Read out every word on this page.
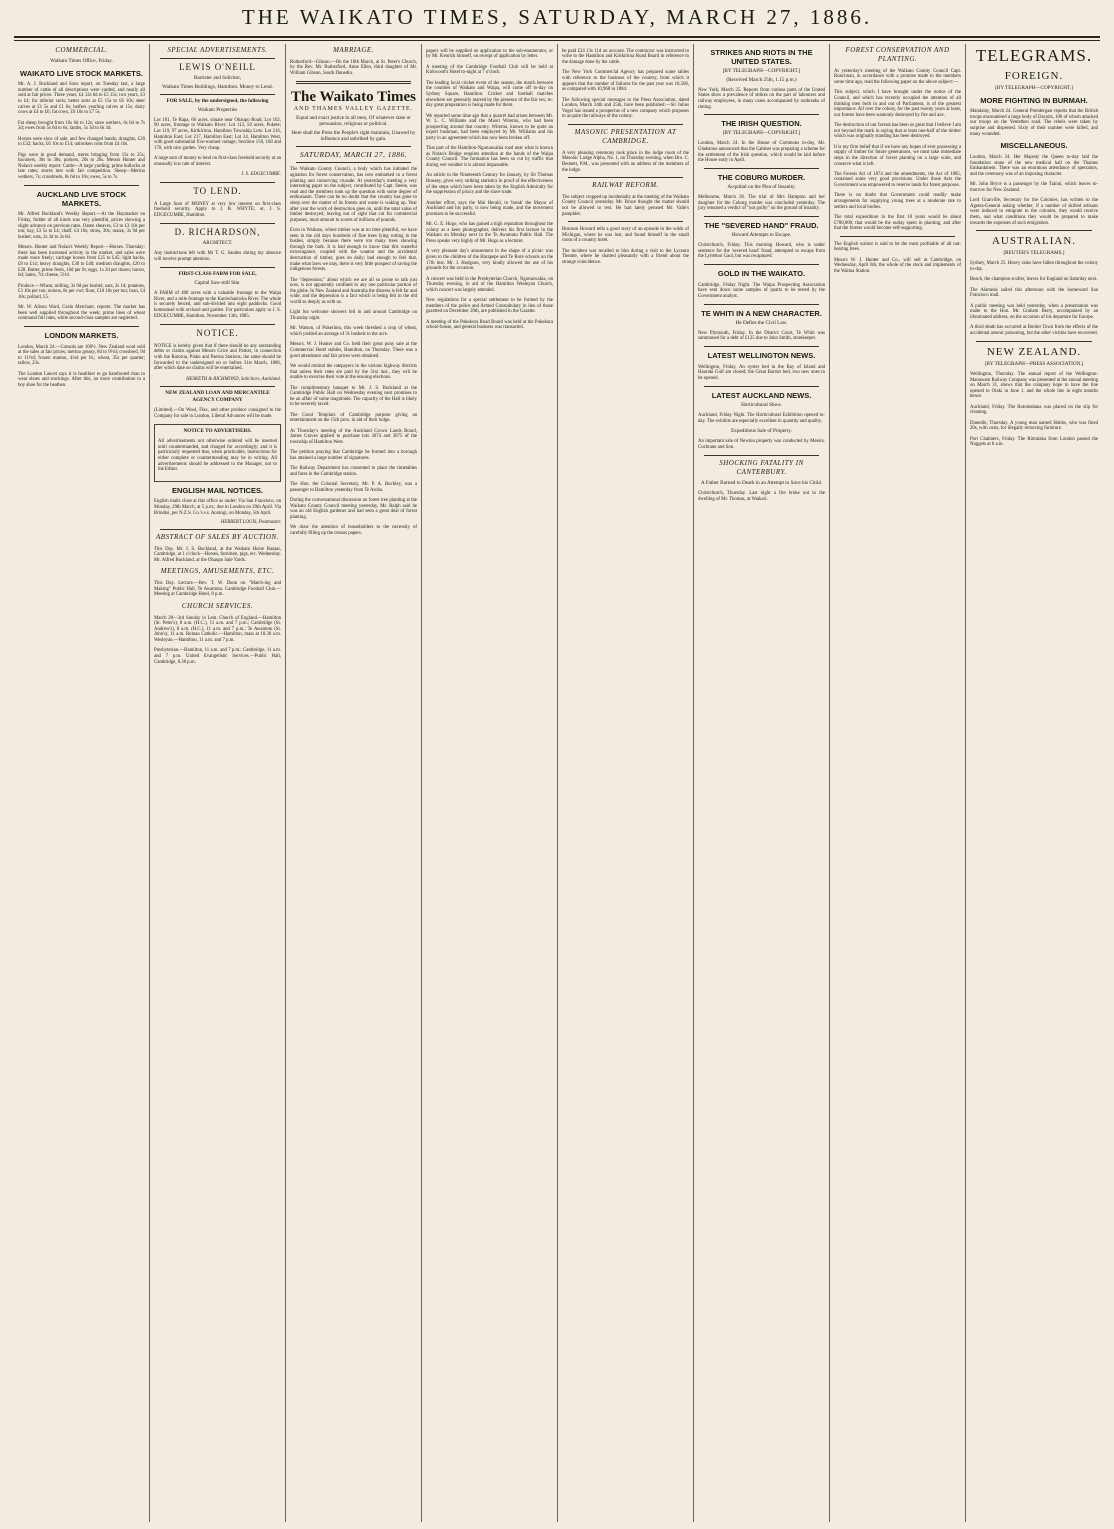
THE WAIKATO TIMES, SATURDAY, MARCH 27, 1886.
COMMERCIAL.
Waikato Times Office, Friday.
WAIKATO LIVE STOCK MARKETS.

Mr. A. J. Buckland and Sons report, on Tuesday last, a large number of cattle of all descriptions were yarded, and nearly all sold at fair prices. Three years, £4 12s 6d to £5 15s; two years, £3 to £4; for inferior sorts; better sorts at £5 15s to £6 10s; steer calves at £1 5s and £1 6s; heifers yearling calves at 15s; dairy cows at £4 to £6; fat cows, £6 10s to £7 5s.

Fat sheep brought from 10s 6d to 12s; store wethers, 6s 6d to 7s 3d; ewes from 5s 6d to 6s; lambs, 5s 3d to 6s 3d.

Horses were slow of sale, and few changed hands; draughts, £20 to £32; hacks, £6 10s to £14; unbroken colts from £4 10s.

Pigs were in good demand, stores bringing from 15s to 25s; baconers, 30s to 38s; porkers, 20s to 26s. Messrs Hunter and Nolan's weekly report: Cattle—A large yarding; prime bullocks at late rates; stores met with fair competition. Sheep—Merino wethers, 7s; crossbreds, 8s 6d to 10s; ewes, 5s to 7s.

AUCKLAND LIVE STOCK MARKETS.

Mr. Alfred Buckland's Weekly Report.—At the Haymarket on Friday, fodder of all kinds was very plentiful, prices showing a slight advance on previous rates. Oaten sheaves, £3 to £3 10s per ton; hay, £3 5s to £4; chaff, £4 10s; straw, 30s; maize, 3s 9d per bushel; oats, 2s 3d to 2s 6d.

Messrs. Hunter and Nolan's Weekly Report.—Horses. Thursday: there has been increased activity in the market, and sales were made more freely; carriage horses from £25 to £45; light hacks, £8 to £14; heavy draughts, £30 to £40; medium draughts, £20 to £28. Butter, prime fresh, 10d per lb; eggs, 1s 2d per dozen; bacon, 6d; hams, 7d; cheese, 5½d.

Produce.—Wheat, milling, 3s 9d per bushel; oats, 2s 1d; potatoes, £3 10s per ton; onions, 8s per cwt; flour, £10 10s per ton; bran, £4 10s; pollard, £5.

Mr. W. Alison Ward, Grain Merchant, reports: The market has been well supplied throughout the week; prime lines of wheat command full rates, while second-class samples are neglected.

LONDON MARKETS.

London, March 24.—Consols are 100½. New Zealand wool sold at the sales at fair prices; merino greasy, 8d to 9½d; crossbred, 9d to 11½d; frozen mutton, 4¼d per lb.; wheat, 35s per quarter; tallow, 23s.

The London Lancet says it is healthier to go barefooted than to wear shoes and stockings. After this, no more contribution to a boy shoe for the heathen.

SPECIAL ADVERTISEMENTS.
LEWIS O'NEILL
Barrister and Solicitor,
Waikato Times Buildings, Hamilton. Money to Lend.
FOR SALE, by the undersigned, the following
Waikato Properties

Lot 101, Te Rapa, 60 acres, situate near Ohaupo Road; Lot 102, 90 acres, frontage to Waikato River; Lot 113, 50 acres, Pukete; Lot 119, 97 acres, Kirikiriroa. Hamilton Township Lots: Lot 216, Hamilton East; Lot 217, Hamilton East; Lot 34, Hamilton West, with good substantial five-roomed cottage; Sections 150, 168 and 170, with nice garden. Very cheap.

A large sum of money to lend on first-class freehold security at an unusually low rate of interest.

J. S. EDGECUMBE.
TO LEND.

A Large Sum of MONEY at very low interest on first-class freehold security. Apply to J. B. WHYTE; or, J. S. EDGECUMBE, Hamilton.

D. RICHARDSON,
ARCHITECT.

Any instructions left with Mr T. G. Sandes during my absence will receive prompt attention.

FIRST-CLASS FARM FOR SALE,
Capital Saw-mill Site.

A FARM of 400 acres with a valuable frontage to the Waipa River, and a mile frontage to the Kaniwhaniwha River. The whole is securely fenced, and sub-divided into eight paddocks. Good homestead with orchard and garden. For particulars apply to J. S. EDGECUMBE, Hamilton, November 13th, 1885.

NOTICE.

NOTICE is hereby given that if there should be any outstanding debts or claims against Messrs Grice and Parker, in connection with the Rotorua, Piako and Paeroa Stations, the same should be forwarded to the undersigned on or before 31st March, 1886, after which date no claims will be entertained.

HESKETH & RICHMOND, Solicitors, Auckland.
NEW ZEALAND LOAN AND MERCANTILE AGENCY COMPANY

(Limited).—On Wool, Flax, and other produce consigned to the Company for sale in London, Liberal Advances will be made.

NOTICE TO ADVERTISERS.

All advertisements not otherwise ordered will be inserted until countermanded, and charged for accordingly; and it is particularly requested that, when practicable, instructions for either complete or countermanding may be in writing. All advertisements should be addressed to the Manager, not to the Editor.

ENGLISH MAIL NOTICES.

English mails close at this office as under: Via San Francisco, on Monday, 29th March, at 5 p.m.; due in London on 29th April. Via Brindisi, per N.Z.S. Co.'s s.s. Aorangi, on Monday, 5th April.

HERBERT LOUIS, Postmaster.
ABSTRACT OF SALES BY AUCTION.

This Day. Mr. J. S. Buckland, at the Waikato Horse Bazaar, Cambridge, at 1 o'clock—Horses, furniture, pigs, etc. Wednesday. Mr. Alfred Buckland, at the Ohaupo Sale Yards.

MEETINGS, AMUSEMENTS, ETC.

This Day. Lecture.—Rev. T. W. Dunn on "Match-ing and Making" Public Hall, Te Awamutu. Cambridge Football Club.—Meeting at Cambridge Hotel, 8 p.m.

CHURCH SERVICES.

March 28—3rd Sunday in Lent. Church of England.—Hamilton (St. Peter's), 8 a.m. (H.C.), 11 a.m. and 7 p.m.; Cambridge (St. Andrew's), 8 a.m. (H.C.), 11 a.m. and 7 p.m.; Te Awamutu (St. John's), 11 a.m. Roman Catholic.—Hamilton, mass at 10.30 a.m. Wesleyan.—Hamilton, 11 a.m. and 7 p.m.

Presbyterian.—Hamilton, 11 a.m. and 7 p.m.; Cambridge, 11 a.m. and 7 p.m. United Evangelistic Services.—Public Hall, Cambridge, 8.30 p.m.

MARRIAGE.

Rutherford—Gibson.—On the 10th March, at St. Peter's Church, by the Rev. Mr. Rutherford, Anne Ellen, third daughter of Mr. William Gibson, South Dunedin.

The Waikato Times
AND THAMES VALLEY GAZETTE.
Equal and exact justice to all men, Of whatever state or persuasion, religious or political.
Here shall the Press the People's right maintain, Unawed by influence and unbribed by gain.
SATURDAY, MARCH 27, 1886.

The Waikato County Council, a body which has initiated the agitation for forest conservation, has now embarked in a forest planting and conserving crusade. At yesterday's meeting a very interesting paper on the subject, contributed by Capt. Steele, was read and the members took up the question with some degree of enthusiasm. There can be no doubt that the country has gone to sleep over the matter of its forests and waste is waking up. Year after year the work of destruction goes on, until the total value of timber destroyed, leaving out of sight that cut for commercial purposes, must amount to scores of millions of pounds.

Even in Waikato, where timber was at no time plentiful, we have seen in the old days hundreds of fine trees lying rotting in the bushes, simply because there were too many trees showing through the bark. It is bad enough to know that this wasteful extravagance, coupled with the wanton and the accidental destruction of timber, goes on daily; bad enough to feel that, make what laws we may, there is very little prospect of saving the indigenous forests.

The "depression," about which we are all so prone to talk just now, is not apparently confined to any one particular portion of the globe. In New Zealand and Australia the distress is felt far and wide; and the depression is a fact which is being felt in the old world as deeply as with us.

Light but welcome showers fell in and around Cambridge on Thursday night.

Mr. Watson, of Pukerimu, this week threshed a crop of wheat, which yielded an average of 31 bushels to the acre.

Messrs. W. J. Hunter and Co. held their great pony sale at the Commercial Hotel stables, Hamilton, on Thursday. There was a good attendance and fair prices were obtained.

We would remind the ratepayers in the various highway districts that unless their rates are paid by the 31st inst., they will be unable to exercise their vote at the ensuing elections.

The complimentary banquet to Mr. J. S. Buckland at the Cambridge Public Hall on Wednesday evening next promises to be an affair of some magnitude. The capacity of the Hall is likely to be severely taxed.

The Good Templars of Cambridge purpose giving an entertainment on the 15th prox. in aid of their lodge.

At Thursday's meeting of the Auckland Crown Lands Board, James Graves applied to purchase lots 3074 and 3075 of the township of Hamilton West.

The petition praying that Cambridge be formed into a borough has attained a large number of signatures.

The Railway Department has consented to place the timetables and fares in the Cambridge station.

The Hon. the Colonial Secretary, Mr. P. A. Buckley, was a passenger to Hamilton yesterday from Te Aroha.

During the conversational discussion on forest tree planting at the Waikato County Council meeting yesterday, Mr. Ralph said he was an old English gardener and had seen a great deal of forest planting.

We draw the attention of householders to the necessity of carefully filling up the census papers.

papers will be supplied on application to the sub-enumerator, or by Mr. Kenrick himself, on receipt of application by letter.

A meeting of the Cambridge Football Club will be held at Kirkwood's Hotel to-night at 7 o'clock.

The leading local cricket event of the season, the match between the counties of Waikato and Waipa, will come off to-day on Sydney Square, Hamilton. Cricket and football matches elsewhere are generally marred by the presence of the fair sex; to-day great preparation is being made for them.

We reported some time ago that a quarrel had arisen between Mr. W. L. C. Williams and the Maori Wiremu, who had been prospecting around that country. Wiremu, known to be quite an expert bushman, had been employed by Mr. Williams and his party in an agreement which has now been broken off.

That part of the Hamilton-Ngaruawahia road near what is known as Nolan's Bridge requires attention at the hands of the Waipa County Council. The formation has been so cut by traffic that during wet weather it is almost impassable.

An article in the Nineteenth Century for January, by Sir Thomas Brassey, gives very striking statistics in proof of the effectiveness of the steps which have been taken by the English Admiralty for the suppression of piracy and the slave trade.

Another effort, says the Mai Herald, to 'break' the Mayor of Auckland and his party, is now being made, and the movement promises to be successful.

Mr. G. E. Hugo, who has gained a high reputation throughout the colony as a keen photographer, delivers his first lecture in the Waikato on Monday next in the Te Awamutu Public Hall. The Press speaks very highly of Mr. Hugo as a lecturer.

A very pleasant day's amusement in the shape of a picnic was given to the children of the Harapepe and Te Rore schools on the 17th inst. Mr. J. Hodgson, very kindly allowed the use of his grounds for the occasion.

A concert was held in the Presbyterian Church, Ngaruawahia, on Thursday evening, in aid of the Hamilton Wesleyan Church, which concert was largely attended.

New regulations for a special settlement to be formed by the members of the police and Armed Constabulary in lieu of those gazetted on December 20th, are published in the Gazette.

A meeting of the Pukekura Road Board was held at the Pukekura school-house, and general business was transacted.

be paid £24 13s 11d on account. The contractor was instructed to write to the Hamilton and Kirikiriroa Road Board in reference to the damage done by the cattle.

The New York Commercial Agency has prepared some tables with reference to the business of the country, from which it appears that the number of failures for the past year was 10,568, as compared with 10,968 in 1884.

The following special messages to the Press Association, dated London, March 24th and 25th, have been published:—Sir Julius Vogel has issued a prospectus of a new company which proposes to acquire the railways of the colony.

MASONIC PRESENTATION AT CAMBRIDGE.

A very pleasing ceremony took place in the lodge room of the Masonic Lodge Alpha, No. 1, on Thursday evening, when Bro. C. Bennett, P.M., was presented with an address of the members of the lodge.

RAILWAY REFORM.

The subject cropped up incidentally at the meeting of the Waikato County Council yesterday. Mr. Bruce thought the matter should not be allowed to rest. He had lately perused Mr. Vaile's pamphlet.

Bronson Howard tells a good story of an episode in the wilds of Michigan, where he was lost, and found himself in the small room of a country hotel.

The incident was recalled to him during a visit to the Lyceum Theatre, where he chatted pleasantly with a friend about the strange coincidence.

STRIKES AND RIOTS IN THE UNITED STATES.
[BY TELEGRAPH—COPYRIGHT.]
(Received March 25th, 1.15 p.m.)

New York, March 25. Reports from various parts of the United States show a prevalence of strikes on the part of labourers and railway employees, in many cases accompanied by outbreaks of rioting.

THE IRISH QUESTION.
[BY TELEGRAPH—COPYRIGHT.]

London, March 24. In the House of Commons to-day, Mr. Gladstone announced that the Cabinet was preparing a scheme for the settlement of the Irish question, which would be laid before the House early in April.

THE COBURG MURDER.
Acquittal on the Plea of Insanity.

Melbourne, March 26. The trial of Mrs Hampton and her daughter for the Coburg murder was concluded yesterday. The jury returned a verdict of "not guilty" on the ground of insanity.

THE "SEVERED HAND" FRAUD.
Howard Attempts to Escape.

Christchurch, Friday. This morning Howard, who is under sentence for the 'severed hand' fraud, attempted to escape from the Lyttelton Gaol, but was recaptured.

GOLD IN THE WAIKATO.

Cambridge, Friday Night. The Waipa Prospecting Association have sent down some samples of quartz to be tested by the Government analyst.

TE WHITI IN A NEW CHARACTER.
He Defies the Civil Law.

New Plymouth, Friday. In the District Court, Te Whiti was summoned for a debt of £125 due to John Smith, storekeeper.

LATEST WELLINGTON NEWS.

Wellington, Friday. An oyster bed in the Bay of Island and Hauraki Gulf are closed; the Great Barrier bed, two new ones to be opened.

LATEST AUCKLAND NEWS.
Horticultural Show.

Auckland, Friday Night. The Horticultural Exhibition opened to-day. The exhibits are especially excellent in quantity and quality.

Expeditious Sale of Property.

An important sale of Newton property was conducted by Messrs. Cochrane and Son.

SHOCKING FATALITY IN CANTERBURY.
A Father Burned to Death in an Attempt to Save his Child.

Christchurch, Thursday. Last night a fire broke out in the dwelling of Mr. Thomas, at Waikari.

FOREST CONSERVATION AND PLANTING.

At yesterday's meeting of the Waikato County Council Capt. Runciman, in accordance with a promise made to the members some time ago, read the following paper on the above subject:—

This subject, which I have brought under the notice of the Council, and which has recently occupied the attention of all thinking men both in and out of Parliament, is of the greatest importance. All over the colony, for the past twenty years at least, our forests have been wantonly destroyed by fire and axe.

The destruction of our forests has been so great that I believe I am not beyond the mark in saying that at least one-half of the timber which was originally standing has been destroyed.

It is my firm belief that if we have any hopes of ever possessing a supply of timber for future generations, we must take immediate steps in the direction of forest planting on a large scale, and conserve what is left.

The Forests Act of 1874 and the amendments, the Act of 1885, contained some very good provisions. Under those Acts the Government was empowered to reserve lands for forest purposes.

There is no doubt that Government could readily make arrangements for supplying young trees at a moderate rate to settlers and local bodies.

The total expenditure in the first 10 years would be about £700,000; that would be the outlay spent in planting, and after that the forests would become self-supporting.

The English walnut is said to be the most profitable of all nut-bearing trees.

Messrs W. J. Hunter and Co., will sell at Cambridge, on Wednesday, April 6th, the whole of the stock and implements of the Waitoa Station.

TELEGRAMS.
FOREIGN.
[BY TELEGRAPH—COPYRIGHT.]
MORE FIGHTING IN BURMAH.

Mandalay, March 24. General Prendergast reports that the British troops encountered a large body of Dacoits, 100 of whom attacked our troops on the Yemethen road. The rebels were taken by surprise and dispersed. Sixty of their number were killed, and many wounded.

MISCELLANEOUS.

London, March 24. Her Majesty the Queen to-day laid the foundation stone of the new medical hall on the Thames Embankment. There was an enormous attendance of spectators, and the ceremony was of an imposing character.

Mr. John Bryce is a passenger by the Tainui, which leaves to-morrow for New Zealand.

Lord Granville, Secretary for the Colonies, has written to the Agents-General asking whether, if a number of skilled artisans were induced to emigrate to the colonies, they would receive them, and what conditions they would be prepared to make towards the expenses of such emigration.

AUSTRALIAN.
[REUTER'S TELEGRAMS.]

Sydney, March 25. Heavy rains have fallen throughout the colony to-day.

Beach, the champion sculler, leaves for England on Saturday next.

The Alameda sailed this afternoon with the homeward San Francisco mail.

A public meeting was held yesterday, when a presentation was made to the Hon. Mr. Graham Berry, accompanied by an illuminated address, on the occasion of his departure for Europe.

A third death has occurred at Border Town from the effects of the accidental arsenic poisoning, but the other victims have recovered.

NEW ZEALAND.
[BY TELEGRAPH—PRESS ASSOCIATION.]

Wellington, Thursday. The annual report of the Wellington-Manawatu Railway Company was presented at the annual meeting on March 31, shows that the company hope to have the line opened to Otaki in June 1, and the whole line in eight months hence.

Auckland, Friday. The Rotomahana was placed on the slip for cleaning.

Dunedin, Thursday. A young man named Hobbs, who was fined 20s, with costs, for illegally removing furniture.

Port Chalmers, Friday. The Rimutaka from London passed the Nuggets at 8 a.m.
